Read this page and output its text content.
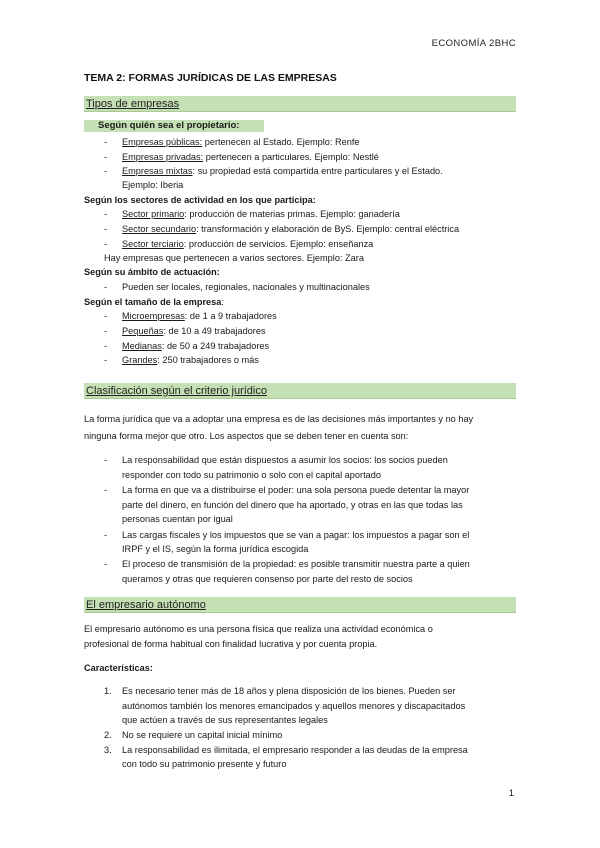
ECONOMÍA 2BHC
TEMA 2: FORMAS JURÍDICAS DE LAS EMPRESAS
Tipos de empresas
Según quién sea el propietario:
- Empresas públicas: pertenecen al Estado. Ejemplo: Renfe
- Empresas privadas: pertenecen a particulares. Ejemplo: Nestlé
- Empresas mixtas: su propiedad está compartida entre particulares y el Estado.
Ejemplo: Iberia
Según los sectores de actividad en los que participa:
- Sector primario: producción de materias primas. Ejemplo: ganadería
- Sector secundario: transformación y elaboración de ByS. Ejemplo: central eléctrica
- Sector terciario: producción de servicios. Ejemplo: enseñanza
Hay empresas que pertenecen a varios sectores. Ejemplo: Zara
Según su ámbito de actuación:
- Pueden ser locales, regionales, nacionales y multinacionales
Según el tamaño de la empresa:
- Microempresas: de 1 a 9 trabajadores
- Pequeñas: de 10 a 49 trabajadores
- Medianas: de 50 a 249 trabajadores
- Grandes: 250 trabajadores o más
Clasificación según el criterio jurídico
La forma jurídica que va a adoptar una empresa es de las decisiones más importantes y no hay
ninguna forma mejor que otro. Los aspectos que se deben tener en cuenta son:
- La responsabilidad que están dispuestos a asumir los socios: los socios pueden
responder con todo su patrimonio o solo con el capital aportado
- La forma en que va a distribuirse el poder: una sola persona puede detentar la mayor
parte del dinero, en función del dinero que ha aportado, y otras en las que todas las
personas cuentan por igual
- Las cargas fiscales y los impuestos que se van a pagar: los impuestos a pagar son el
IRPF y el IS, según la forma jurídica escogida
- El proceso de transmisión de la propiedad: es posible transmitir nuestra parte a quien
queramos y otras que requieren consenso por parte del resto de socios
El empresario autónomo
El empresario autónomo es una persona física que realiza una actividad económica o
profesional de forma habitual con finalidad lucrativa y por cuenta propia.
Características:
1. Es necesario tener más de 18 años y plena disposición de los bienes. Pueden ser
autónomos también los menores emancipados y aquellos menores y discapacitados
que actúen a través de sus representantes legales
2. No se requiere un capital inicial mínimo
3. La responsabilidad es ilimitada, el empresario responder a las deudas de la empresa
con todo su patrimonio presente y futuro
1
